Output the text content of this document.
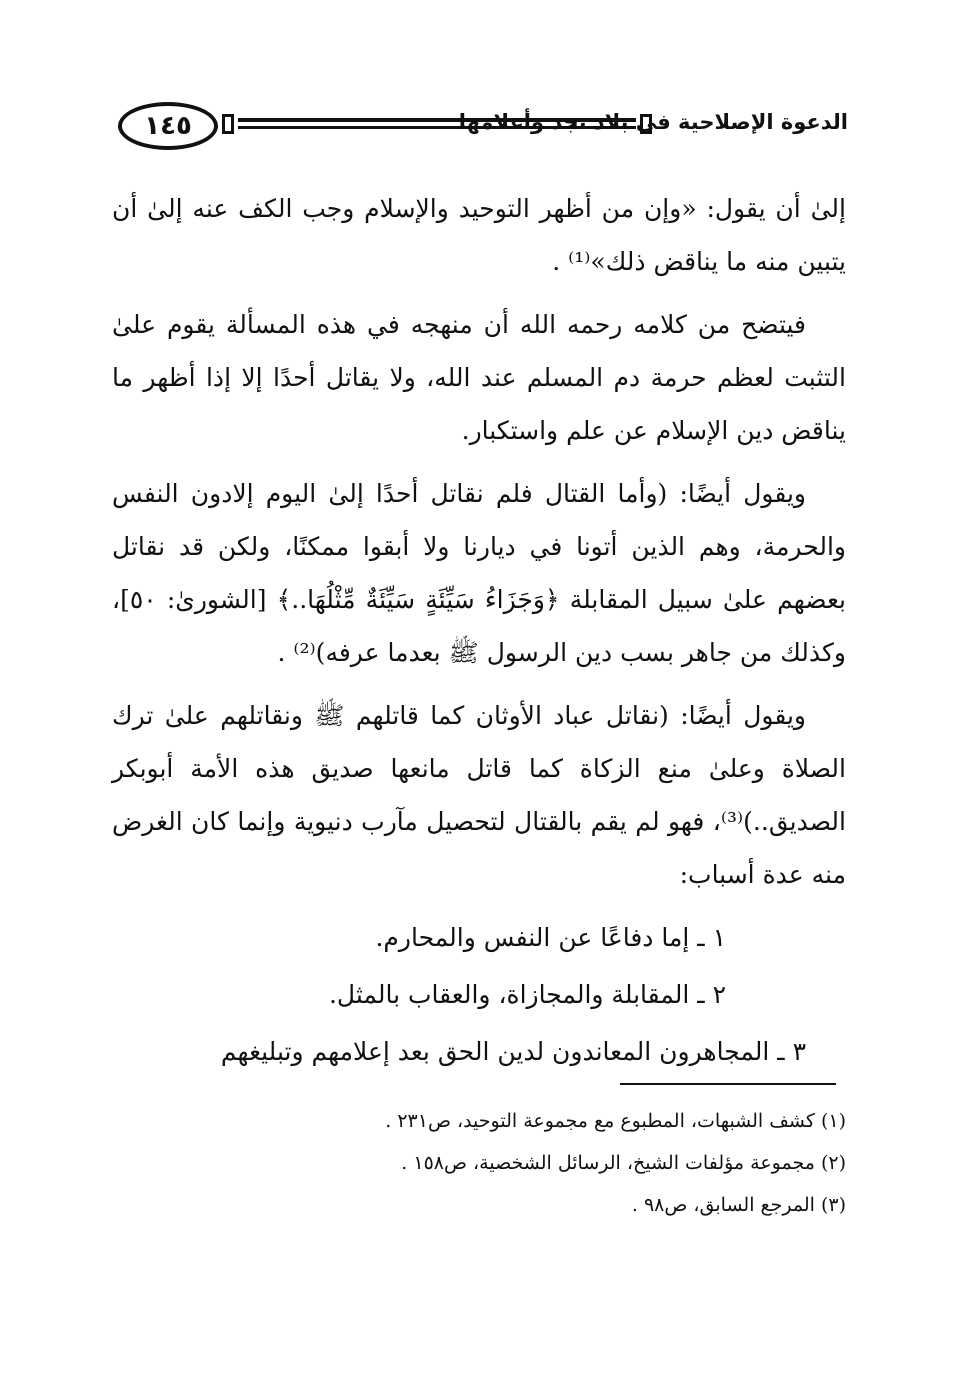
١٤٥	الدعوة الإصلاحية في بلاد نجد وأعلامها

إلىٰ أن يقول: «وإن من أظهر التوحيد والإسلام وجب الكف عنه إلىٰ أن يتبين منه ما يناقض ذلك»⁽¹⁾ .

فيتضح من كلامه رحمه الله أن منهجه في هذه المسألة يقوم علىٰ التثبت لعظم حرمة دم المسلم عند الله، ولا يقاتل أحدًا إلا إذا أظهر ما يناقض دين الإسلام عن علم واستكبار.

ويقول أيضًا: (وأما القتال فلم نقاتل أحدًا إلىٰ اليوم إلادون النفس والحرمة، وهم الذين أتونا في ديارنا ولا أبقوا ممكنًا، ولكن قد نقاتل بعضهم علىٰ سبيل المقابلة ﴿وَجَزَاءُ سَيِّئَةٍ سَيِّئَةٌ مِّثْلُهَا..﴾ [الشورىٰ: ٥٠]، وكذلك من جاهر بسب دين الرسول ﷺ بعدما عرفه)⁽²⁾ .

ويقول أيضًا: (نقاتل عباد الأوثان كما قاتلهم ﷺ ونقاتلهم علىٰ ترك الصلاة وعلىٰ منع الزكاة كما قاتل مانعها صديق هذه الأمة أبوبكر الصديق..)⁽³⁾، فهو لم يقم بالقتال لتحصيل مآرب دنيوية وإنما كان الغرض منه عدة أسباب:

١ ـ إما دفاعًا عن النفس والمحارم.

٢ ـ المقابلة والمجازاة، والعقاب بالمثل.

٣ ـ المجاهرون المعاندون لدين الحق بعد إعلامهم وتبليغهم

(١) كشف الشبهات، المطبوع مع مجموعة التوحيد، ص٢٣١ .
(٢) مجموعة مؤلفات الشيخ، الرسائل الشخصية، ص١٥٨ .
(٣) المرجع السابق، ص٩٨ .
